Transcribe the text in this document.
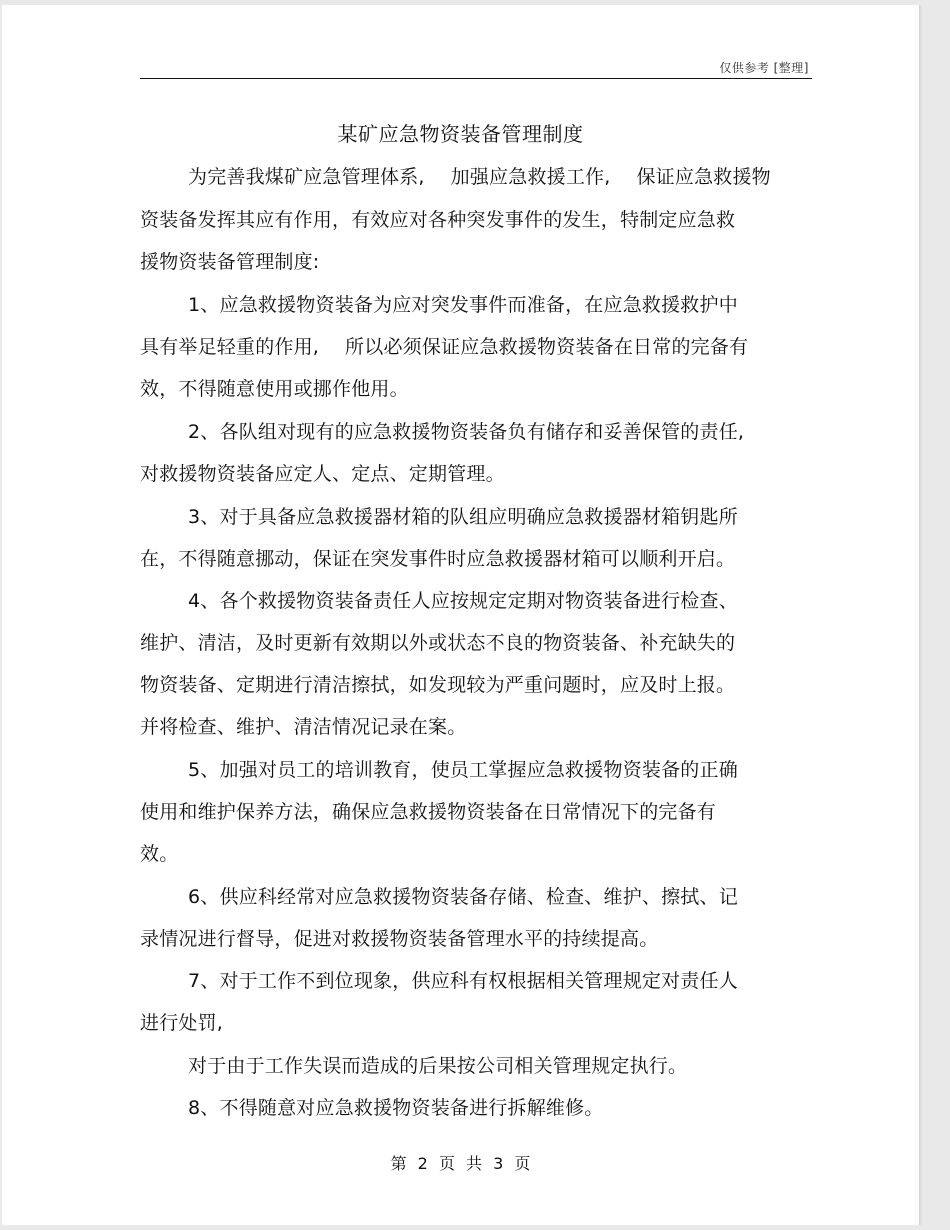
仅供参考 [整理]
某矿应急物资装备管理制度
为完善我煤矿应急管理体系, 加强应急救援工作, 保证应急救援物
资装备发挥其应有作用，有效应对各种突发事件的发生，特制定应急救
援物资装备管理制度:
1、应急救援物资装备为应对突发事件而准备，在应急救援救护中
具有举足轻重的作用, 所以必须保证应急救援物资装备在日常的完备有
效，不得随意使用或挪作他用。
2、各队组对现有的应急救援物资装备负有储存和妥善保管的责任,
对救援物资装备应定人、定点、定期管理。
3、对于具备应急救援器材箱的队组应明确应急救援器材箱钥匙所
在，不得随意挪动，保证在突发事件时应急救援器材箱可以顺利开启。
4、各个救援物资装备责任人应按规定定期对物资装备进行检查、
维护、清洁，及时更新有效期以外或状态不良的物资装备、补充缺失的
物资装备、定期进行清洁擦拭，如发现较为严重问题时，应及时上报。
并将检查、维护、清洁情况记录在案。
5、加强对员工的培训教育，使员工掌握应急救援物资装备的正确
使用和维护保养方法，确保应急救援物资装备在日常情况下的完备有
效。
6、供应科经常对应急救援物资装备存储、检查、维护、擦拭、记
录情况进行督导，促进对救援物资装备管理水平的持续提高。
7、对于工作不到位现象，供应科有权根据相关管理规定对责任人
进行处罚,
对于由于工作失误而造成的后果按公司相关管理规定执行。
8、不得随意对应急救援物资装备进行拆解维修。
第 2 页 共 3 页
